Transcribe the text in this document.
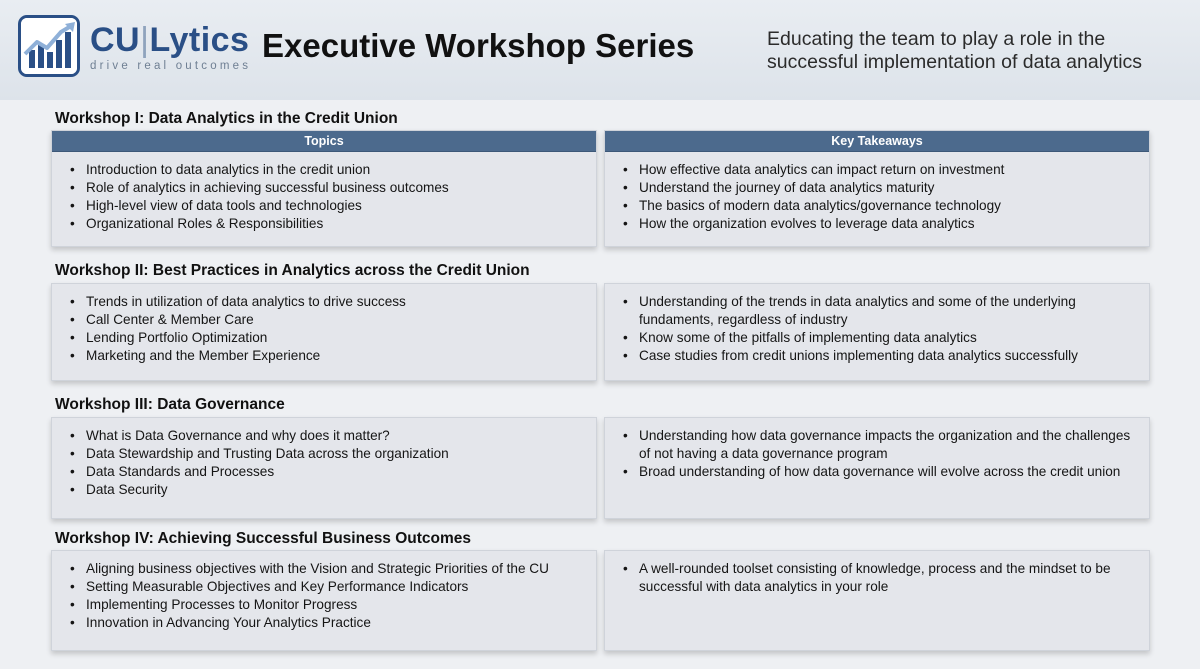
CU|Lytics
drive real outcomes
Executive Workshop Series	Educating the team to play a role in the successful implementation of data analytics
Workshop I: Data Analytics in the Credit Union
Topics
• Introduction to data analytics in the credit union
• Role of analytics in achieving successful business outcomes
• High-level view of data tools and technologies
• Organizational Roles & Responsibilities
Key Takeaways
• How effective data analytics can impact return on investment
• Understand the journey of data analytics maturity
• The basics of modern data analytics/governance technology
• How the organization evolves to leverage data analytics
Workshop II: Best Practices in Analytics across the Credit Union
• Trends in utilization of data analytics to drive success
• Call Center & Member Care
• Lending Portfolio Optimization
• Marketing and the Member Experience
• Understanding of the trends in data analytics and some of the underlying fundaments, regardless of industry
• Know some of the pitfalls of implementing data analytics
• Case studies from credit unions implementing data analytics successfully
Workshop III: Data Governance
• What is Data Governance and why does it matter?
• Data Stewardship and Trusting Data across the organization
• Data Standards and Processes
• Data Security
• Understanding how data governance impacts the organization and the challenges of not having a data governance program
• Broad understanding of how data governance will evolve across the credit union
Workshop IV: Achieving Successful Business Outcomes
• Aligning business objectives with the Vision and Strategic Priorities of the CU
• Setting Measurable Objectives and Key Performance Indicators
• Implementing Processes to Monitor Progress
• Innovation in Advancing Your Analytics Practice
• A well-rounded toolset consisting of knowledge, process and the mindset to be successful with data analytics in your role
